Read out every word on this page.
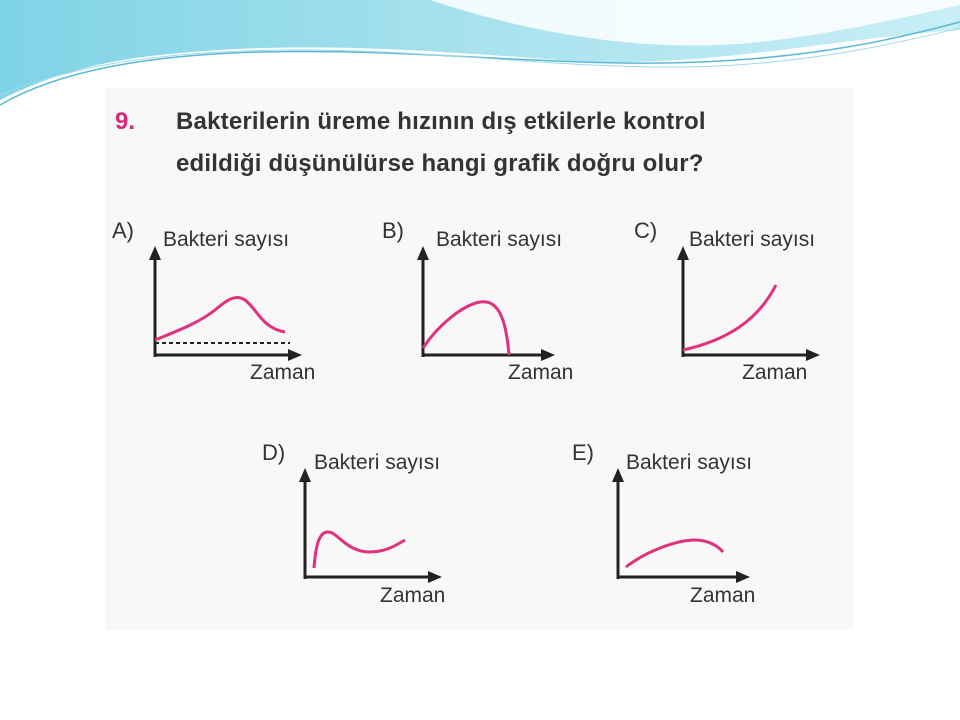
9. Bakterilerin üreme hızının dış etkilerle kontrol
edildiği düşünülürse hangi grafik doğru olur?
A) Bakteri sayısı
Zaman
B) Bakteri sayısı
Zaman
C) Bakteri sayısı
Zaman
D) Bakteri sayısı
Zaman
E) Bakteri sayısı
Zaman
